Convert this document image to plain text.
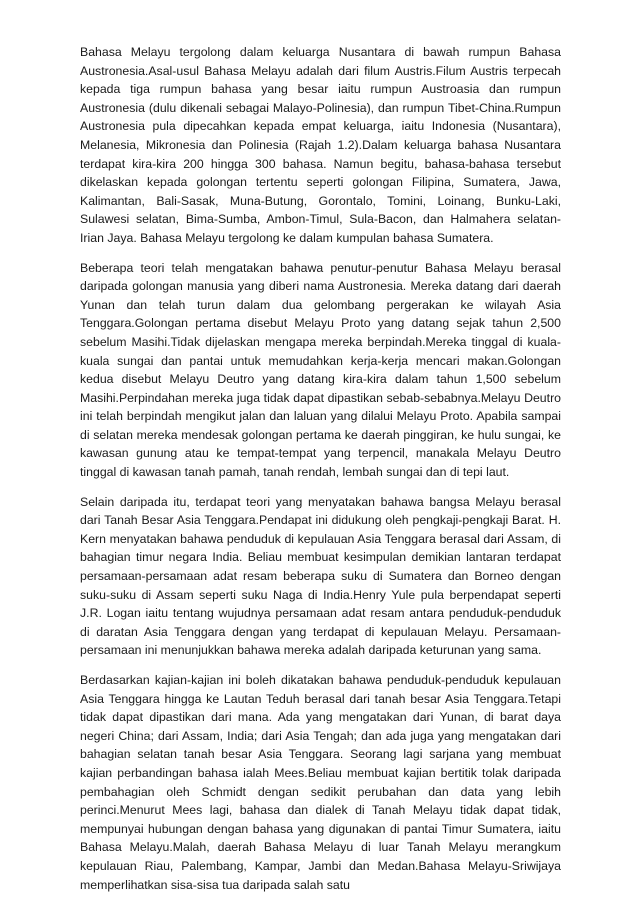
Bahasa Melayu tergolong dalam keluarga Nusantara di bawah rumpun Bahasa Austronesia.Asal-usul Bahasa Melayu adalah dari filum Austris.Filum Austris terpecah kepada tiga rumpun bahasa yang besar iaitu rumpun Austroasia dan rumpun Austronesia (dulu dikenali sebagai Malayo-Polinesia), dan rumpun Tibet-China.Rumpun Austronesia pula dipecahkan kepada empat keluarga, iaitu Indonesia (Nusantara), Melanesia, Mikronesia dan Polinesia (Rajah 1.2).Dalam keluarga bahasa Nusantara terdapat kira-kira 200 hingga 300 bahasa. Namun begitu, bahasa-bahasa tersebut dikelaskan kepada golongan tertentu seperti golongan Filipina, Sumatera, Jawa, Kalimantan, Bali-Sasak, Muna-Butung, Gorontalo, Tomini, Loinang, Bunku-Laki, Sulawesi selatan, Bima-Sumba, Ambon-Timul, Sula-Bacon, dan Halmahera selatan-Irian Jaya. Bahasa Melayu tergolong ke dalam kumpulan bahasa Sumatera.

Beberapa teori telah mengatakan bahawa penutur-penutur Bahasa Melayu berasal daripada golongan manusia yang diberi nama Austronesia. Mereka datang dari daerah Yunan dan telah turun dalam dua gelombang pergerakan ke wilayah Asia Tenggara.Golongan pertama disebut Melayu Proto yang datang sejak tahun 2,500 sebelum Masihi.Tidak dijelaskan mengapa mereka berpindah.Mereka tinggal di kuala-kuala sungai dan pantai untuk memudahkan kerja-kerja mencari makan.Golongan kedua disebut Melayu Deutro yang datang kira-kira dalam tahun 1,500 sebelum Masihi.Perpindahan mereka juga tidak dapat dipastikan sebab-sebabnya.Melayu Deutro ini telah berpindah mengikut jalan dan laluan yang dilalui Melayu Proto. Apabila sampai di selatan mereka mendesak golongan pertama ke daerah pinggiran, ke hulu sungai, ke kawasan gunung atau ke tempat-tempat yang terpencil, manakala Melayu Deutro tinggal di kawasan tanah pamah, tanah rendah, lembah sungai dan di tepi laut.

Selain daripada itu, terdapat teori yang menyatakan bahawa bangsa Melayu berasal dari Tanah Besar Asia Tenggara.Pendapat ini didukung oleh pengkaji-pengkaji Barat. H. Kern menyatakan bahawa penduduk di kepulauan Asia Tenggara berasal dari Assam, di bahagian timur negara India. Beliau membuat kesimpulan demikian lantaran terdapat persamaan-persamaan adat resam beberapa suku di Sumatera dan Borneo dengan suku-suku di Assam seperti suku Naga di India.Henry Yule pula berpendapat seperti J.R. Logan iaitu tentang wujudnya persamaan adat resam antara penduduk-penduduk di daratan Asia Tenggara dengan yang terdapat di kepulauan Melayu. Persamaan-persamaan ini menunjukkan bahawa mereka adalah daripada keturunan yang sama.

Berdasarkan kajian-kajian ini boleh dikatakan bahawa penduduk-penduduk kepulauan Asia Tenggara hingga ke Lautan Teduh berasal dari tanah besar Asia Tenggara.Tetapi tidak dapat dipastikan dari mana. Ada yang mengatakan dari Yunan, di barat daya negeri China; dari Assam, India; dari Asia Tengah; dan ada juga yang mengatakan dari bahagian selatan tanah besar Asia Tenggara. Seorang lagi sarjana yang membuat kajian perbandingan bahasa ialah Mees.Beliau membuat kajian bertitik tolak daripada pembahagian oleh Schmidt dengan sedikit perubahan dan data yang lebih perinci.Menurut Mees lagi, bahasa dan dialek di Tanah Melayu tidak dapat tidak, mempunyai hubungan dengan bahasa yang digunakan di pantai Timur Sumatera, iaitu Bahasa Melayu.Malah, daerah Bahasa Melayu di luar Tanah Melayu merangkum kepulauan Riau, Palembang, Kampar, Jambi dan Medan.Bahasa Melayu-Sriwijaya memperlihatkan sisa-sisa tua daripada salah satu
